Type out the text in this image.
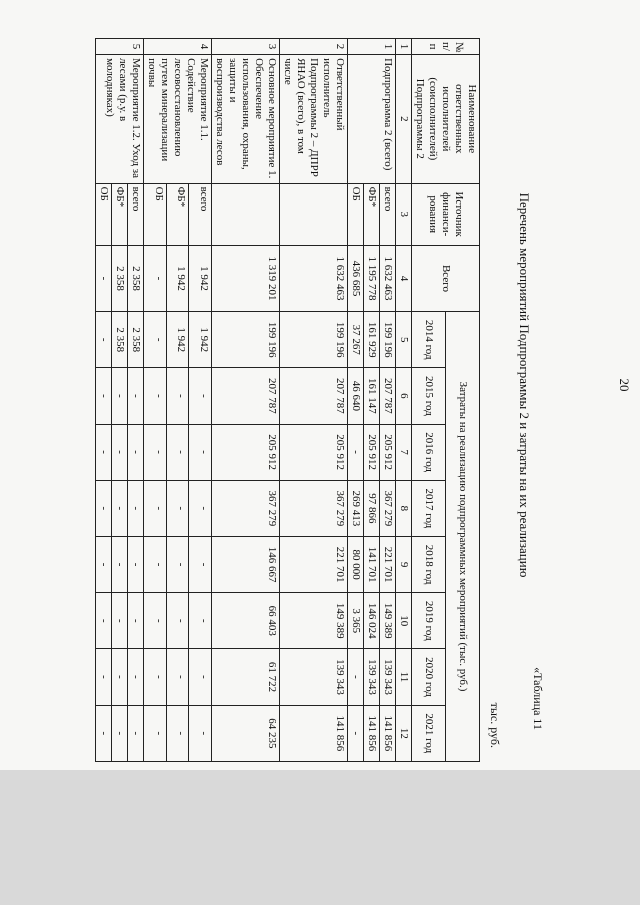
20
«Таблица 11
Перечень мероприятий Подпрограммы 2 и затраты на их реализацию
тыс. руб.
№ п/п	Наименование ответственных исполнителей (соисполнителей) Подпрограммы 2	Источник финанси-рования	Всего	Затраты на реализацию подпрограммных мероприятий (тыс. руб.)							
				2014 год	2015 год	2016 год	2017 год	2018 год	2019 год	2020 год	2021 год
1	2	3	4	5	6	7	8	9	10	11	12
1	Подпрограмма 2 (всего)	всего	1 632 463	199 196	207 787	205 912	367 279	221 701	149 389	139 343	141 856
		ФБ*	1 195 778	161 929	161 147	205 912	97 866	141 701	146 024	139 343	141 856
		ОБ	436 685	37 267	46 640	-	269 413	80 000	3 365	-	-
2	Ответственный исполнитель Подпрограммы 2 – ДПРР ЯНАО (всего), в том числе		1 632 463	199 196	207 787	205 912	367 279	221 701	149 389	139 343	141 856
3	Основное мероприятие 1. Обеспечение использования, охраны, защиты и воспроизводства лесов		1 319 201	199 196	207 787	205 912	367 279	146 667	66 403	61 722	64 235
4	Мероприятие 1.1. Содействие лесовосстановлению путем минерализации почвы	всего	1 942	1 942	-	-	-	-	-	-	-
		ФБ*	1 942	1 942	-	-	-	-	-	-	-
		ОБ	-	-	-	-	-	-	-	-	-
5	Мероприятие 1.2. Уход за лесами (р.у. в молодняках)	всего	2 358	2 358	-	-	-	-	-	-	-
		ФБ*	2 358	2 358	-	-	-	-	-	-	-
		ОБ	-	-	-	-	-	-	-	-	-
